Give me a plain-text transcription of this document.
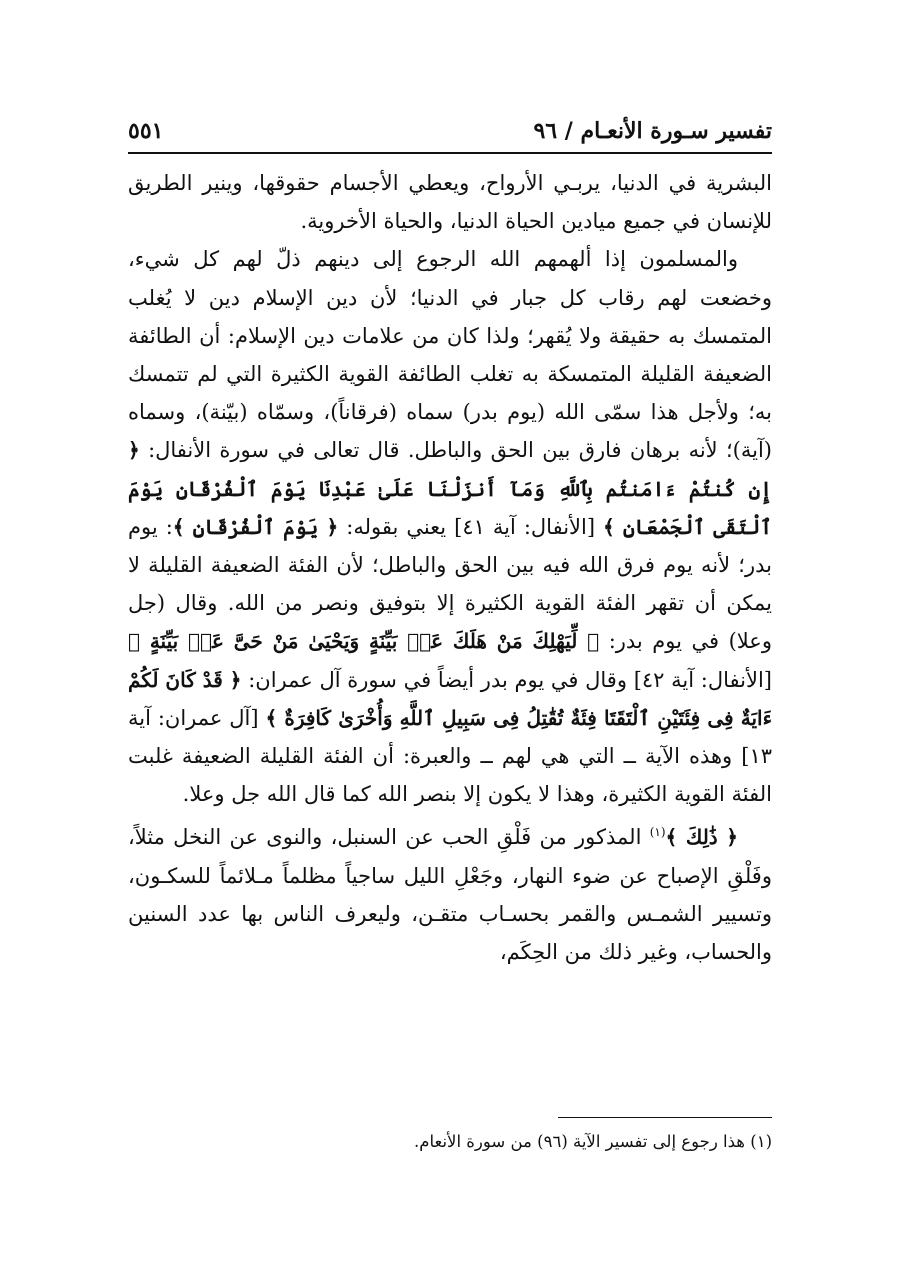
تفسير سـورة الأنعـام / ٩٦
٥٥١

البشرية في الدنيا، يربـي الأرواح، ويعطي الأجسام حقوقها، وينير الطريق للإنسان في جميع ميادين الحياة الدنيا، والحياة الأخروية.

والمسلمون إذا ألهمهم الله الرجوع إلى دينهم ذلّ لهم كل شيء، وخضعت لهم رقاب كل جبار في الدنيا؛ لأن دين الإسلام دين لا يُغلب المتمسك به حقيقة ولا يُقهر؛ ولذا كان من علامات دين الإسلام: أن الطائفة الضعيفة القليلة المتمسكة به تغلب الطائفة القوية الكثيرة التي لم تتمسك به؛ ولأجل هذا سمّى الله (يوم بدر) سماه (فرقاناً)، وسمّاه (بيّنة)، وسماه (آية)؛ لأنه برهان فارق بين الحق والباطل. قال تعالى في سورة الأنفال: ﴿ إِن كُنتُمْ ءَامَنتُم بِٱللَّهِ وَمَآ أَنزَلْنَا عَلَىٰ عَبْدِنَا يَوْمَ ٱلْفُرْقَانِ يَوْمَ ٱلْتَقَى ٱلْجَمْعَانِ ﴾ [الأنفال: آية ٤١] يعني بقوله: ﴿ يَوْمَ ٱلْفُرْقَانِ ﴾: يوم بدر؛ لأنه يوم فرق الله فيه بين الحق والباطل؛ لأن الفئة الضعيفة القليلة لا يمكن أن تقهر الفئة القوية الكثيرة إلا بتوفيق ونصر من الله. وقال (جل وعلا) في يوم بدر: ﴿ لِّيَهْلِكَ مَنْ هَلَكَ عَنۢ بَيِّنَةٍ وَيَحْيَىٰ مَنْ حَىَّ عَنۢ بَيِّنَةٍ ﴾ [الأنفال: آية ٤٢] وقال في يوم بدر أيضاً في سورة آل عمران: ﴿ قَدْ كَانَ لَكُمْ ءَايَةٌ فِى فِئَتَيْنِ ٱلْتَقَتَا فِئَةٌ تُقَٰتِلُ فِى سَبِيلِ ٱللَّهِ وَأُخْرَىٰ كَافِرَةٌ ﴾ [آل عمران: آية ١٣] وهذه الآية ــ التي هي لهم ــ والعبرة: أن الفئة القليلة الضعيفة غلبت الفئة القوية الكثيرة، وهذا لا يكون إلا بنصر الله كما قال الله جل وعلا.

﴿ ذَٰلِكَ ﴾$^{(١)}$ المذكور من فَلْقِ الحب عن السنبل، والنوى عن النخل مثلاً، وفَلْقِ الإصباح عن ضوء النهار، وجَعْلِ الليل ساجياً مظلماً مـلائماً للسكـون، وتسيير الشمـس والقمر بحسـاب متقـن، وليعرف الناس بها عدد السنين والحساب، وغير ذلك من الحِكَم،

(١) هذا رجوع إلى تفسير الآية (٩٦) من سورة الأنعام.
